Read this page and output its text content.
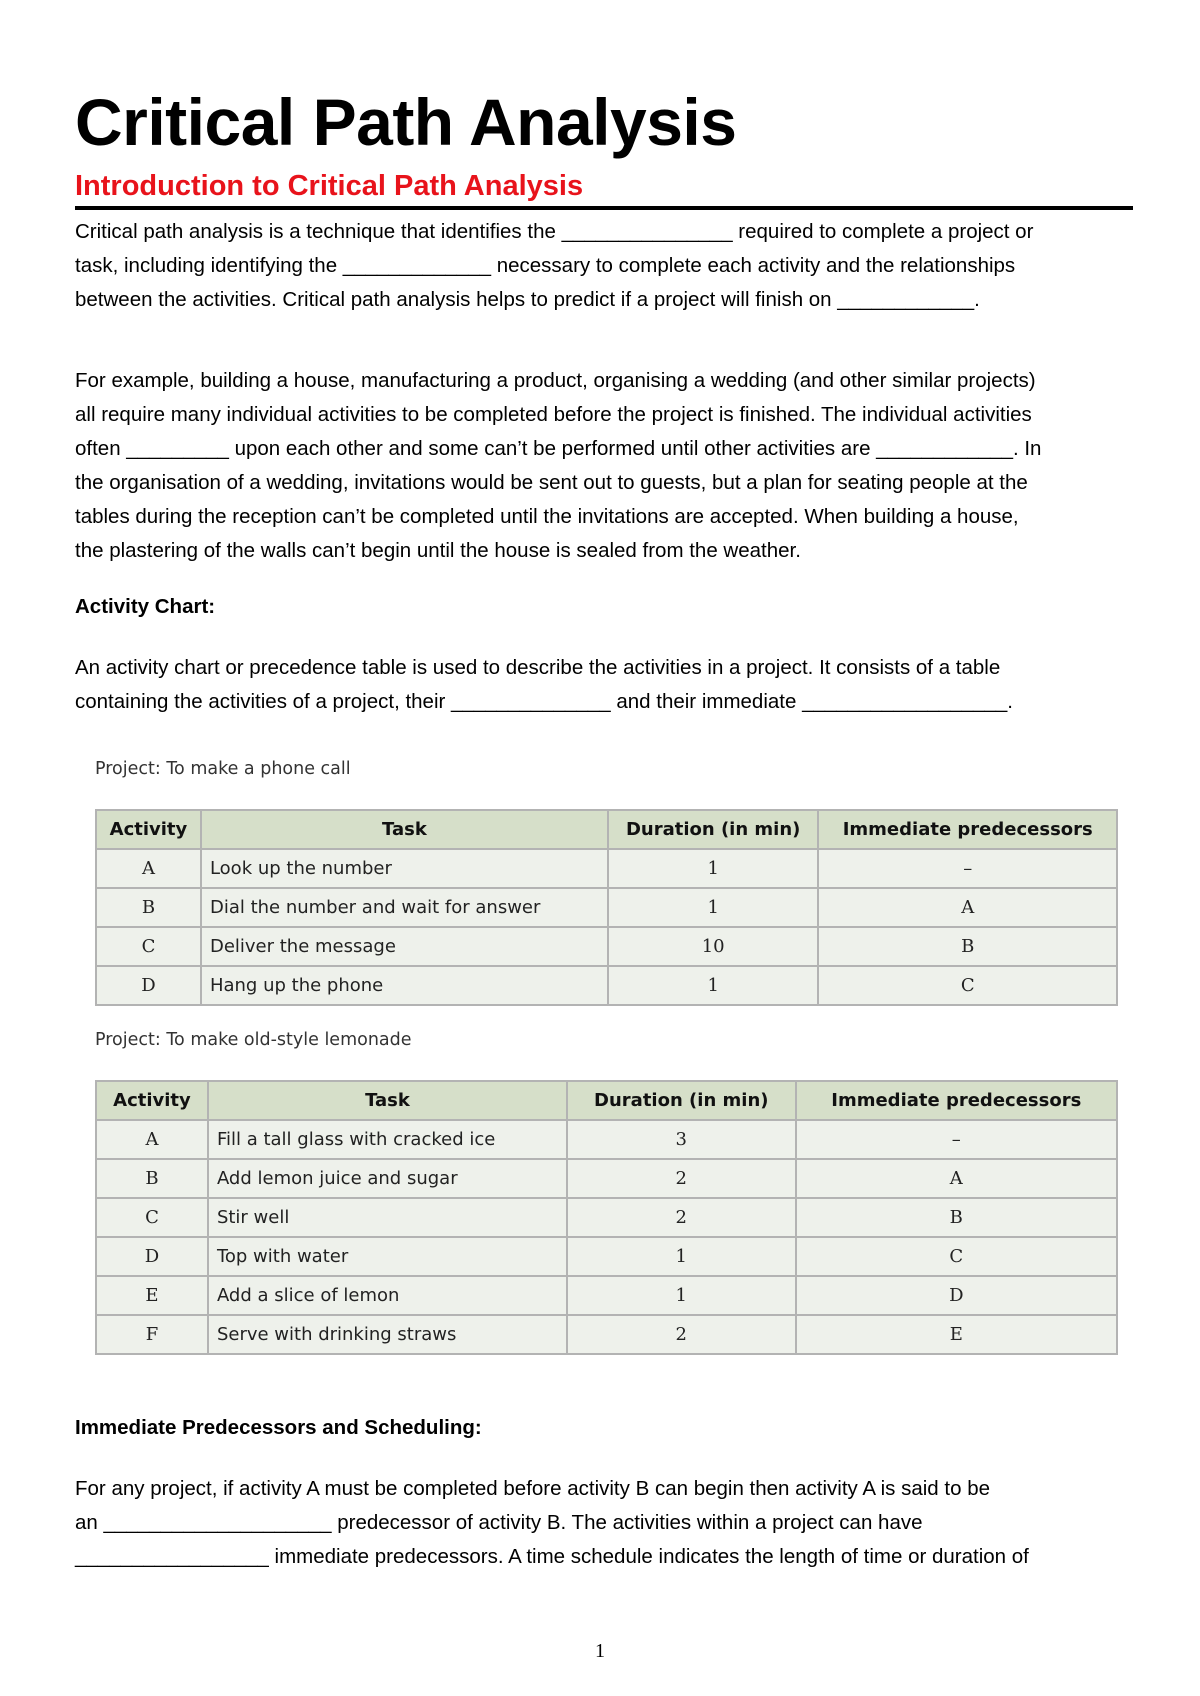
Critical Path Analysis
Introduction to Critical Path Analysis
Critical path analysis is a technique that identifies the _______________ required to complete a project or
task, including identifying the _____________ necessary to complete each activity and the relationships
between the activities. Critical path analysis helps to predict if a project will finish on ____________.
For example, building a house, manufacturing a product, organising a wedding (and other similar projects)
all require many individual activities to be completed before the project is finished. The individual activities
often _________ upon each other and some can’t be performed until other activities are ____________. In
the organisation of a wedding, invitations would be sent out to guests, but a plan for seating people at the
tables during the reception can’t be completed until the invitations are accepted. When building a house,
the plastering of the walls can’t begin until the house is sealed from the weather.
Activity Chart:
An activity chart or precedence table is used to describe the activities in a project. It consists of a table
containing the activities of a project, their ______________ and their immediate __________________.
Project: To make a phone call
Activity	Task	Duration (in min)	Immediate predecessors
A	Look up the number	1	–
B	Dial the number and wait for answer	1	A
C	Deliver the message	10	B
D	Hang up the phone	1	C
Project: To make old-style lemonade
Activity	Task	Duration (in min)	Immediate predecessors
A	Fill a tall glass with cracked ice	3	–
B	Add lemon juice and sugar	2	A
C	Stir well	2	B
D	Top with water	1	C
E	Add a slice of lemon	1	D
F	Serve with drinking straws	2	E
Immediate Predecessors and Scheduling:
For any project, if activity A must be completed before activity B can begin then activity A is said to be
an ____________________ predecessor of activity B. The activities within a project can have
_________________ immediate predecessors. A time schedule indicates the length of time or duration of
1
